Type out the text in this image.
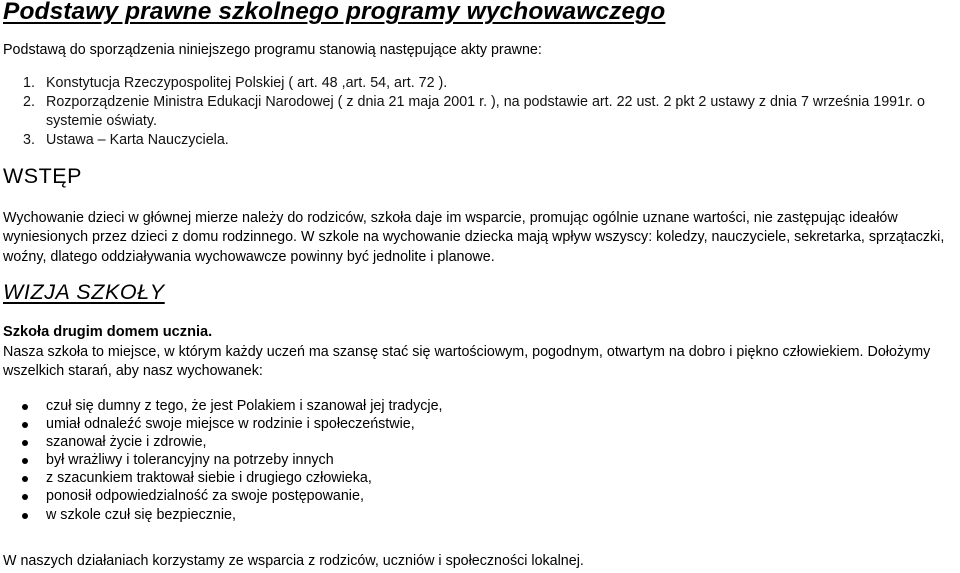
Podstawy prawne szkolnego programy wychowawczego

Podstawą do sporządzenia niniejszego programu stanowią następujące akty prawne:

1. Konstytucja Rzeczypospolitej Polskiej ( art. 48 ,art. 54, art. 72 ).
2. Rozporządzenie Ministra Edukacji Narodowej ( z dnia 21 maja 2001 r. ), na podstawie art. 22 ust. 2 pkt 2 ustawy z dnia 7 września 1991r. o systemie oświaty.
3. Ustawa – Karta Nauczyciela.
WSTĘP

Wychowanie dzieci w głównej mierze należy do rodziców, szkoła daje im wsparcie, promując ogólnie uznane wartości, nie zastępując ideałów wyniesionych przez dzieci z domu rodzinnego. W szkole na wychowanie dziecka mają wpływ wszyscy: koledzy, nauczyciele, sekretarka, sprzątaczki, woźny, dlatego oddziaływania wychowawcze powinny być jednolite i planowe.

WIZJA SZKOŁY

Szkoła drugim domem ucznia.

Nasza szkoła to miejsce, w którym każdy uczeń ma szansę stać się wartościowym, pogodnym, otwartym na dobro i piękno człowiekiem. Dołożymy wszelkich starań, aby nasz wychowanek:

czuł się dumny z tego, że jest Polakiem i szanował jej tradycje,
umiał odnaleźć swoje miejsce w rodzinie i społeczeństwie,
szanował życie i zdrowie,
był wrażliwy i tolerancyjny na potrzeby innych
z szacunkiem traktował siebie i drugiego człowieka,
ponosił odpowiedzialność za swoje postępowanie,
w szkole czuł się bezpiecznie,

W naszych działaniach korzystamy ze wsparcia z rodziców, uczniów i społeczności lokalnej.
